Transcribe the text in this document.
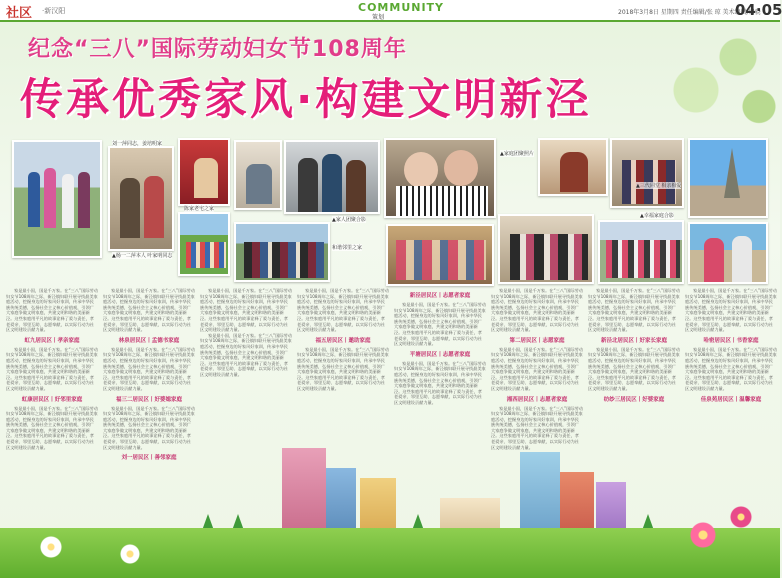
社区 ·新汉阳	COMMUNITY
策划
2018年3月8日 星期四 责任编辑/张 琼 美术编辑/周骁
04·05
纪念“三八”国际劳动妇女节108周年
传承优秀家风·构建文明新泾
刘一萍同志，姜培明家
▲杨一二萍本人 叶家明同志
陈家老宅之家
▲家人团聚合影
和谐邻里之家
▲家庭团聚照片
▲三代同堂 相亲相爱
▲幸福家庭合影

家是最小国，国是千万家。在“三八”国际劳动妇女节108周年之际，新泾镇妇联开展寻找最美家庭活动，挖掘身边的好家风好家训，传承中华民族传统美德，弘扬社会主义核心价值观，引领广大家庭争做文明家庭，共建文明和谐的美丽新泾。这些家庭用平凡的故事诠释了爱与责任，孝老爱亲、邻里互助、志愿奉献，以实际行动为社区文明建设贡献力量。

虹九居民区丨孝亲家庭

家是最小国，国是千万家。在“三八”国际劳动妇女节108周年之际，新泾镇妇联开展寻找最美家庭活动，挖掘身边的好家风好家训，传承中华民族传统美德，弘扬社会主义核心价值观，引领广大家庭争做文明家庭，共建文明和谐的美丽新泾。这些家庭用平凡的故事诠释了爱与责任，孝老爱亲、邻里互助、志愿奉献，以实际行动为社区文明建设贡献力量。

虹康居民区丨好邻里家庭

家是最小国，国是千万家。在“三八”国际劳动妇女节108周年之际，新泾镇妇联开展寻找最美家庭活动，挖掘身边的好家风好家训，传承中华民族传统美德，弘扬社会主义核心价值观，引领广大家庭争做文明家庭，共建文明和谐的美丽新泾。这些家庭用平凡的故事诠释了爱与责任，孝老爱亲、邻里互助、志愿奉献，以实际行动为社区文明建设贡献力量。

家是最小国，国是千万家。在“三八”国际劳动妇女节108周年之际，新泾镇妇联开展寻找最美家庭活动，挖掘身边的好家风好家训，传承中华民族传统美德，弘扬社会主义核心价值观，引领广大家庭争做文明家庭，共建文明和谐的美丽新泾。这些家庭用平凡的故事诠释了爱与责任，孝老爱亲、邻里互助、志愿奉献，以实际行动为社区文明建设贡献力量。

林泉居民区丨孟德书家庭

家是最小国，国是千万家。在“三八”国际劳动妇女节108周年之际，新泾镇妇联开展寻找最美家庭活动，挖掘身边的好家风好家训，传承中华民族传统美德，弘扬社会主义核心价值观，引领广大家庭争做文明家庭，共建文明和谐的美丽新泾。这些家庭用平凡的故事诠释了爱与责任，孝老爱亲、邻里互助、志愿奉献，以实际行动为社区文明建设贡献力量。

福三二居民区丨好婆媳家庭

家是最小国，国是千万家。在“三八”国际劳动妇女节108周年之际，新泾镇妇联开展寻找最美家庭活动，挖掘身边的好家风好家训，传承中华民族传统美德，弘扬社会主义核心价值观，引领广大家庭争做文明家庭，共建文明和谐的美丽新泾。这些家庭用平凡的故事诠释了爱与责任，孝老爱亲、邻里互助、志愿奉献，以实际行动为社区文明建设贡献力量。

刘一居民区丨善邻家庭

家是最小国，国是千万家。在“三八”国际劳动妇女节108周年之际，新泾镇妇联开展寻找最美家庭活动，挖掘身边的好家风好家训，传承中华民族传统美德，弘扬社会主义核心价值观，引领广大家庭争做文明家庭，共建文明和谐的美丽新泾。这些家庭用平凡的故事诠释了爱与责任，孝老爱亲、邻里互助、志愿奉献，以实际行动为社区文明建设贡献力量。

家是最小国，国是千万家。在“三八”国际劳动妇女节108周年之际，新泾镇妇联开展寻找最美家庭活动，挖掘身边的好家风好家训，传承中华民族传统美德，弘扬社会主义核心价值观，引领广大家庭争做文明家庭，共建文明和谐的美丽新泾。这些家庭用平凡的故事诠释了爱与责任，孝老爱亲、邻里互助、志愿奉献，以实际行动为社区文明建设贡献力量。

家是最小国，国是千万家。在“三八”国际劳动妇女节108周年之际，新泾镇妇联开展寻找最美家庭活动，挖掘身边的好家风好家训，传承中华民族传统美德，弘扬社会主义核心价值观，引领广大家庭争做文明家庭，共建文明和谐的美丽新泾。这些家庭用平凡的故事诠释了爱与责任，孝老爱亲、邻里互助、志愿奉献，以实际行动为社区文明建设贡献力量。

福五居民区丨邀助家庭

家是最小国，国是千万家。在“三八”国际劳动妇女节108周年之际，新泾镇妇联开展寻找最美家庭活动，挖掘身边的好家风好家训，传承中华民族传统美德，弘扬社会主义核心价值观，引领广大家庭争做文明家庭，共建文明和谐的美丽新泾。这些家庭用平凡的故事诠释了爱与责任，孝老爱亲、邻里互助、志愿奉献，以实际行动为社区文明建设贡献力量。

新泾居民区丨志愿者家庭

家是最小国，国是千万家。在“三八”国际劳动妇女节108周年之际，新泾镇妇联开展寻找最美家庭活动，挖掘身边的好家风好家训，传承中华民族传统美德，弘扬社会主义核心价值观，引领广大家庭争做文明家庭，共建文明和谐的美丽新泾。这些家庭用平凡的故事诠释了爱与责任，孝老爱亲、邻里互助、志愿奉献，以实际行动为社区文明建设贡献力量。

平塘居民区丨志愿者家庭

家是最小国，国是千万家。在“三八”国际劳动妇女节108周年之际，新泾镇妇联开展寻找最美家庭活动，挖掘身边的好家风好家训，传承中华民族传统美德，弘扬社会主义核心价值观，引领广大家庭争做文明家庭，共建文明和谐的美丽新泾。这些家庭用平凡的故事诠释了爱与责任，孝老爱亲、邻里互助、志愿奉献，以实际行动为社区文明建设贡献力量。

家是最小国，国是千万家。在“三八”国际劳动妇女节108周年之际，新泾镇妇联开展寻找最美家庭活动，挖掘身边的好家风好家训，传承中华民族传统美德，弘扬社会主义核心价值观，引领广大家庭争做文明家庭，共建文明和谐的美丽新泾。这些家庭用平凡的故事诠释了爱与责任，孝老爱亲、邻里互助、志愿奉献，以实际行动为社区文明建设贡献力量。

第二居民区丨志愿家庭

家是最小国，国是千万家。在“三八”国际劳动妇女节108周年之际，新泾镇妇联开展寻找最美家庭活动，挖掘身边的好家风好家训，传承中华民族传统美德，弘扬社会主义核心价值观，引领广大家庭争做文明家庭，共建文明和谐的美丽新泾。这些家庭用平凡的故事诠释了爱与责任，孝老爱亲、邻里互助、志愿奉献，以实际行动为社区文明建设贡献力量。

湘西居民区丨志愿者家庭

家是最小国，国是千万家。在“三八”国际劳动妇女节108周年之际，新泾镇妇联开展寻找最美家庭活动，挖掘身边的好家风好家训，传承中华民族传统美德，弘扬社会主义核心价值观，引领广大家庭争做文明家庭，共建文明和谐的美丽新泾。这些家庭用平凡的故事诠释了爱与责任，孝老爱亲、邻里互助、志愿奉献，以实际行动为社区文明建设贡献力量。

家是最小国，国是千万家。在“三八”国际劳动妇女节108周年之际，新泾镇妇联开展寻找最美家庭活动，挖掘身边的好家风好家训，传承中华民族传统美德，弘扬社会主义核心价值观，引领广大家庭争做文明家庭，共建文明和谐的美丽新泾。这些家庭用平凡的故事诠释了爱与责任，孝老爱亲、邻里互助、志愿奉献，以实际行动为社区文明建设贡献力量。

新泾北居民区丨好家长家庭

家是最小国，国是千万家。在“三八”国际劳动妇女节108周年之际，新泾镇妇联开展寻找最美家庭活动，挖掘身边的好家风好家训，传承中华民族传统美德，弘扬社会主义核心价值观，引领广大家庭争做文明家庭，共建文明和谐的美丽新泾。这些家庭用平凡的故事诠释了爱与责任，孝老爱亲、邻里互助、志愿奉献，以实际行动为社区文明建设贡献力量。

纺纱三居民区丨好婆家庭

家是最小国，国是千万家。在“三八”国际劳动妇女节108周年之际，新泾镇妇联开展寻找最美家庭活动，挖掘身边的好家风好家训，传承中华民族传统美德，弘扬社会主义核心价值观，引领广大家庭争做文明家庭，共建文明和谐的美丽新泾。这些家庭用平凡的故事诠释了爱与责任，孝老爱亲、邻里互助、志愿奉献，以实际行动为社区文明建设贡献力量。

哈密居民区丨书香家庭

家是最小国，国是千万家。在“三八”国际劳动妇女节108周年之际，新泾镇妇联开展寻找最美家庭活动，挖掘身边的好家风好家训，传承中华民族传统美德，弘扬社会主义核心价值观，引领广大家庭争做文明家庭，共建文明和谐的美丽新泾。这些家庭用平凡的故事诠释了爱与责任，孝老爱亲、邻里互助、志愿奉献，以实际行动为社区文明建设贡献力量。

佳泉苑居民区丨温馨家庭
